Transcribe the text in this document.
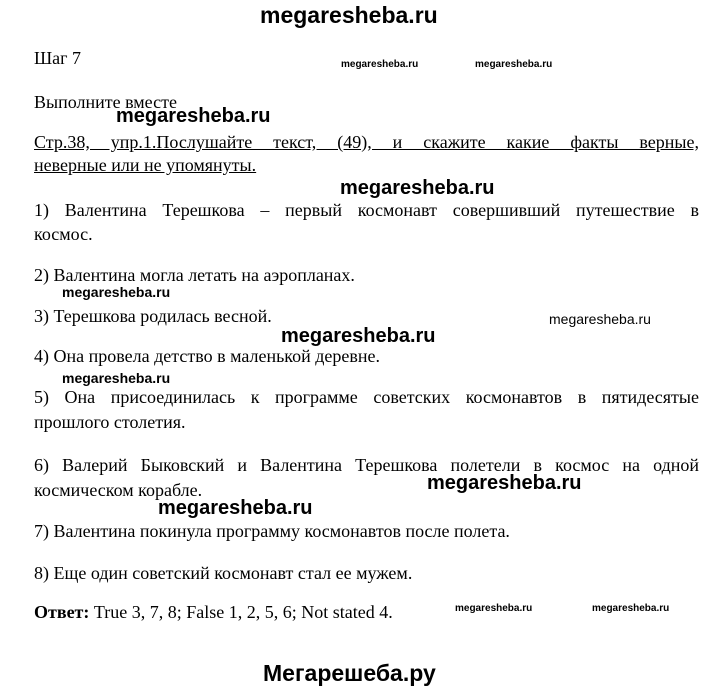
megaresheba.ru
Шаг 7	megaresheba.ru	megaresheba.ru
Выполните вместе
megaresheba.ru
Стр.38, упр.1.Послушайте текст, (49), и скажите какие факты верные,
неверные или не упомянуты.
megaresheba.ru
1) Валентина Терешкова – первый космонавт совершивший путешествие в
космос.
2) Валентина могла летать на аэропланах.
megaresheba.ru
3) Терешкова родилась весной.	megaresheba.ru
megaresheba.ru
4) Она провела детство в маленькой деревне.
megaresheba.ru
5) Она присоединилась к программе советских космонавтов в пятидесятые
прошлого столетия.
6) Валерий Быковский и Валентина Терешкова полетели в космос на одной
космическом корабле.	megaresheba.ru
megaresheba.ru
7) Валентина покинула программу космонавтов после полета.
8) Еще один советский космонавт стал ее мужем.
Ответ: True 3, 7, 8; False 1, 2, 5, 6; Not stated 4.	megaresheba.ru	megaresheba.ru
Мегарешеба.ру
